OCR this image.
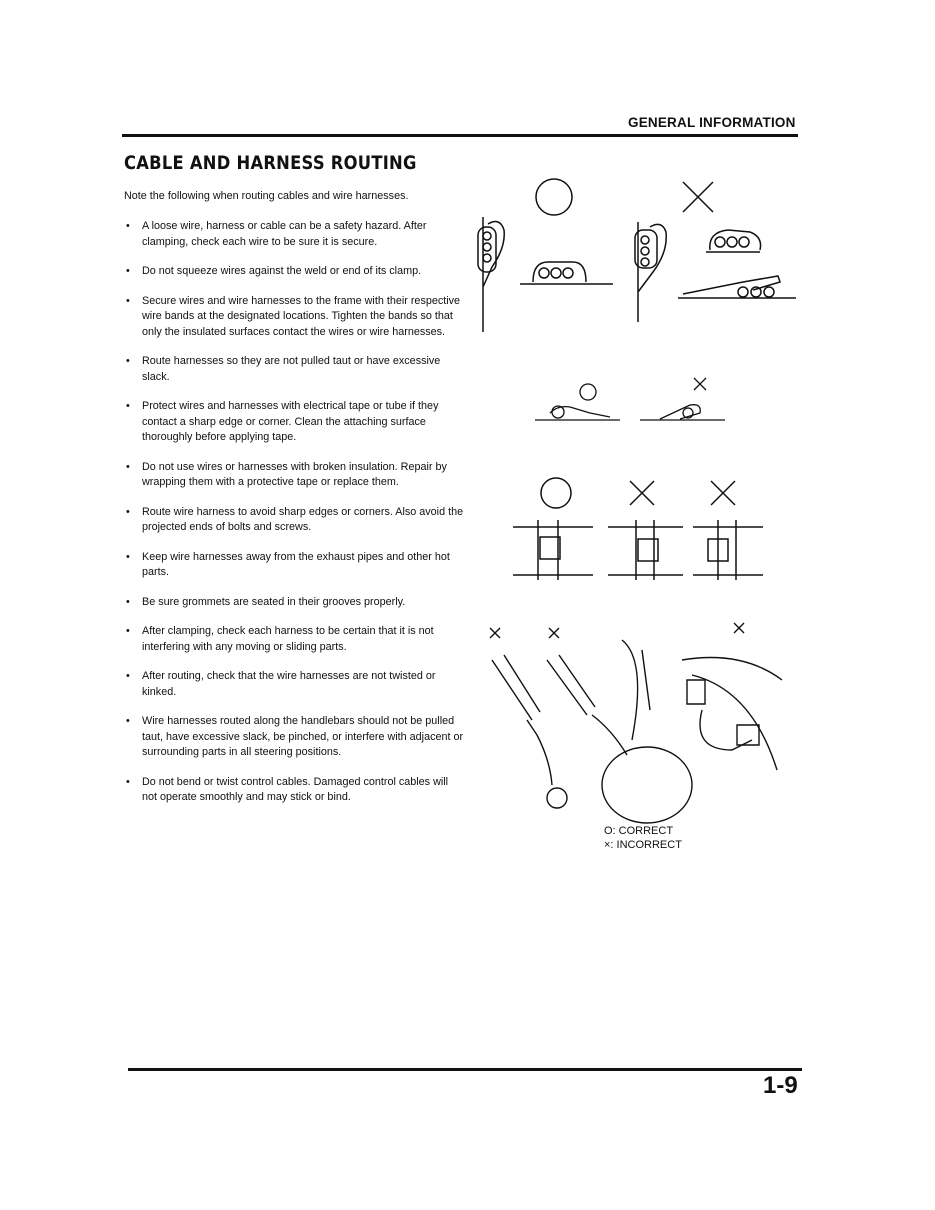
GENERAL INFORMATION
CABLE AND HARNESS ROUTING
Note the following when routing cables and wire harnesses.
• A loose wire, harness or cable can be a safety hazard. After clamping, check each wire to be sure it is secure.
• Do not squeeze wires against the weld or end of its clamp.
• Secure wires and wire harnesses to the frame with their respective wire bands at the designated locations. Tighten the bands so that only the insulated surfaces contact the wires or wire harnesses.
• Route harnesses so they are not pulled taut or have excessive slack.
• Protect wires and harnesses with electrical tape or tube if they contact a sharp edge or corner. Clean the attaching surface thoroughly before applying tape.
• Do not use wires or harnesses with broken insulation. Repair by wrapping them with a protective tape or replace them.
• Route wire harness to avoid sharp edges or corners. Also avoid the projected ends of bolts and screws.
• Keep wire harnesses away from the exhaust pipes and other hot parts.
• Be sure grommets are seated in their grooves properly.
• After clamping, check each harness to be certain that it is not interfering with any moving or sliding parts.
• After routing, check that the wire harnesses are not twisted or kinked.
• Wire harnesses routed along the handlebars should not be pulled taut, have excessive slack, be pinched, or interfere with adjacent or surrounding parts in all steering positions.
• Do not bend or twist control cables. Damaged control cables will not operate smoothly and may stick or bind.
O: CORRECT
×: INCORRECT
1-9
